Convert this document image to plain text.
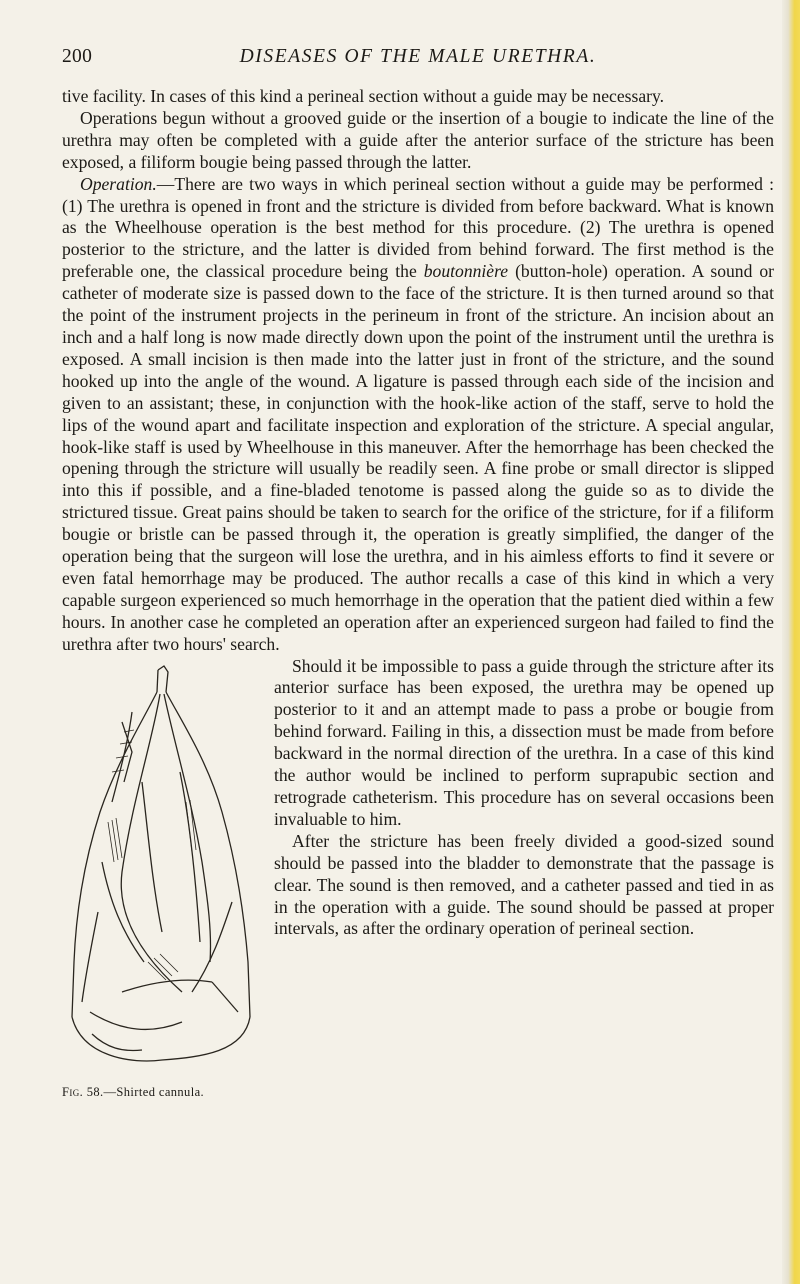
200	DISEASES OF THE MALE URETHRA.

tive facility. In cases of this kind a perineal section without a guide may be necessary.

Operations begun without a grooved guide or the insertion of a bougie to indicate the line of the urethra may often be completed with a guide after the anterior surface of the stricture has been exposed, a filiform bougie being passed through the latter.

Operation.—There are two ways in which perineal section without a guide may be performed : (1) The urethra is opened in front and the stricture is divided from before backward. What is known as the Wheelhouse operation is the best method for this procedure. (2) The urethra is opened posterior to the stricture, and the latter is divided from behind forward. The first method is the preferable one, the classical procedure being the boutonnière (button-hole) operation. A sound or catheter of moderate size is passed down to the face of the stricture. It is then turned around so that the point of the instrument projects in the perineum in front of the stricture. An incision about an inch and a half long is now made directly down upon the point of the instrument until the urethra is exposed. A small incision is then made into the latter just in front of the stricture, and the sound hooked up into the angle of the wound. A ligature is passed through each side of the incision and given to an assistant; these, in conjunction with the hook-like action of the staff, serve to hold the lips of the wound apart and facilitate inspection and exploration of the stricture. A special angular, hook-like staff is used by Wheelhouse in this maneuver. After the hemorrhage has been checked the opening through the stricture will usually be readily seen. A fine probe or small director is slipped into this if possible, and a fine-bladed tenotome is passed along the guide so as to divide the strictured tissue. Great pains should be taken to search for the orifice of the stricture, for if a filiform bougie or bristle can be passed through it, the operation is greatly simplified, the danger of the operation being that the surgeon will lose the urethra, and in his aimless efforts to find it severe or even fatal hemorrhage may be produced. The author recalls a case of this kind in which a very capable surgeon experienced so much hemorrhage in the operation that the patient died within a few hours. In another case he completed an operation after an experienced surgeon had failed to find the urethra after two hours' search.

Fig. 58.—Shirted cannula.

Should it be impossible to pass a guide through the stricture after its anterior surface has been exposed, the urethra may be opened up posterior to it and an attempt made to pass a probe or bougie from behind forward. Failing in this, a dissection must be made from before backward in the normal direction of the urethra. In a case of this kind the author would be inclined to perform suprapubic section and retrograde catheterism. This procedure has on several occasions been invaluable to him.

After the stricture has been freely divided a good-sized sound should be passed into the bladder to demonstrate that the passage is clear. The sound is then removed, and a catheter passed and tied in as in the operation with a guide. The sound should be passed at proper intervals, as after the ordinary operation of perineal section.
